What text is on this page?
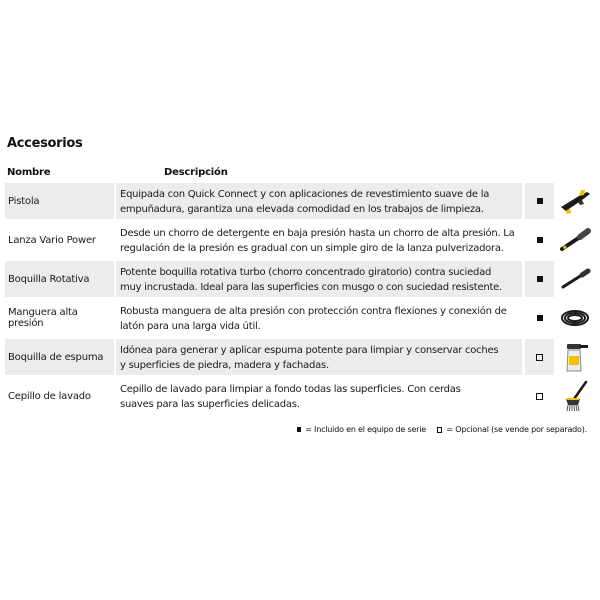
Accesorios
Nombre	Descripción
Pistola
Equipada con Quick Connect y con aplicaciones de revestimiento suave de la
empuñadura, garantiza una elevada comodidad en los trabajos de limpieza.
Lanza Vario Power
Desde un chorro de detergente en baja presión hasta un chorro de alta presión. La
regulación de la presión es gradual con un simple giro de la lanza pulverizadora.
Boquilla Rotativa
Potente boquilla rotativa turbo (chorro concentrado giratorio) contra suciedad
muy incrustada. Ideal para las superficies con musgo o con suciedad resistente.
Manguera alta presión
Robusta manguera de alta presión con protección contra flexiones y conexión de
latón para una larga vida útil.
Boquilla de espuma
Idónea para generar y aplicar espuma potente para limpiar y conservar coches
y superficies de piedra, madera y fachadas.
Cepillo de lavado
Cepillo de lavado para limpiar a fondo todas las superficies. Con cerdas
suaves para las superficies delicadas.
= Incluido en el equipo de serie	= Opcional (se vende por separado).
